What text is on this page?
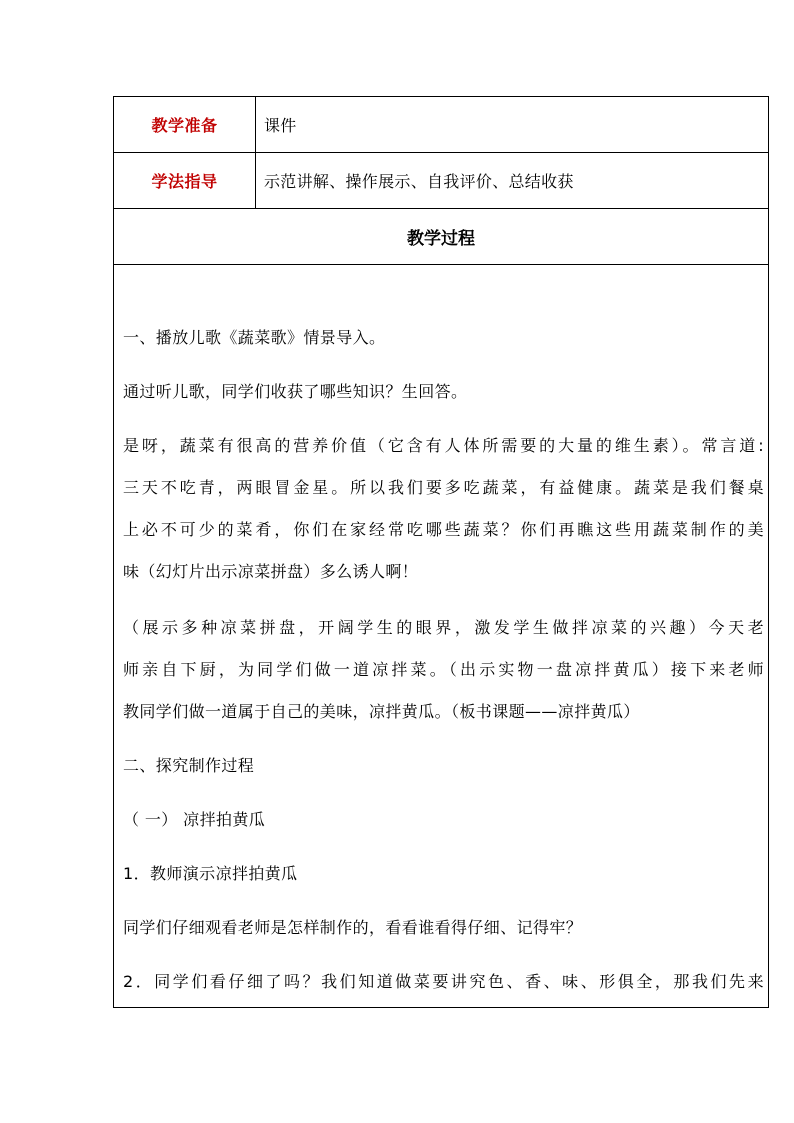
教学准备	课件
学法指导	示范讲解、操作展示、自我评价、总结收获
教学过程
一、播放儿歌《蔬菜歌》情景导入。
通过听儿歌，同学们收获了哪些知识？生回答。
是呀，蔬菜有很高的营养价值（它含有人体所需要的大量的维生素）。常言道:
三天不吃青，两眼冒金星。所以我们要多吃蔬菜，有益健康。蔬菜是我们餐桌
上必不可少的菜肴，你们在家经常吃哪些蔬菜？你们再瞧这些用蔬菜制作的美
味（幻灯片出示凉菜拼盘）多么诱人啊！
（展示多种凉菜拼盘，开阔学生的眼界，激发学生做拌凉菜的兴趣）今天老
师亲自下厨，为同学们做一道凉拌菜。（出示实物一盘凉拌黄瓜）接下来老师
教同学们做一道属于自己的美味，凉拌黄瓜。（板书课题——凉拌黄瓜）
二、探究制作过程
（ 一） 凉拌拍黄瓜
1．教师演示凉拌拍黄瓜
同学们仔细观看老师是怎样制作的，看看谁看得仔细、记得牢？
2．同学们看仔细了吗？我们知道做菜要讲究色、香、味、形俱全，那我们先来
